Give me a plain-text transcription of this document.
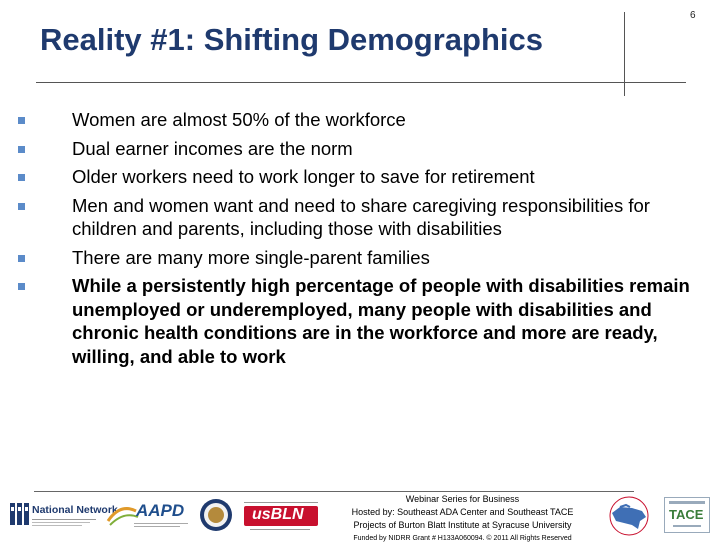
Reality #1: Shifting Demographics
6
Women are almost 50% of the workforce
Dual earner incomes are the norm
Older workers need to work longer to save for retirement
Men and women want and need to share caregiving responsibilities for children and parents, including those with disabilities
There are many more single-parent families
While a persistently high percentage of people with disabilities remain unemployed or underemployed, many people with disabilities and chronic health conditions are in the workforce and more are ready, willing, and able to work
National Network AAPD	usBLN
Webinar Series for Business
Hosted by: Southeast ADA Center and Southeast TACE
Projects of Burton Blatt Institute at Syracuse University
Funded by NIDRR Grant # H133A060094. © 2011 All Rights Reserved
TACE
